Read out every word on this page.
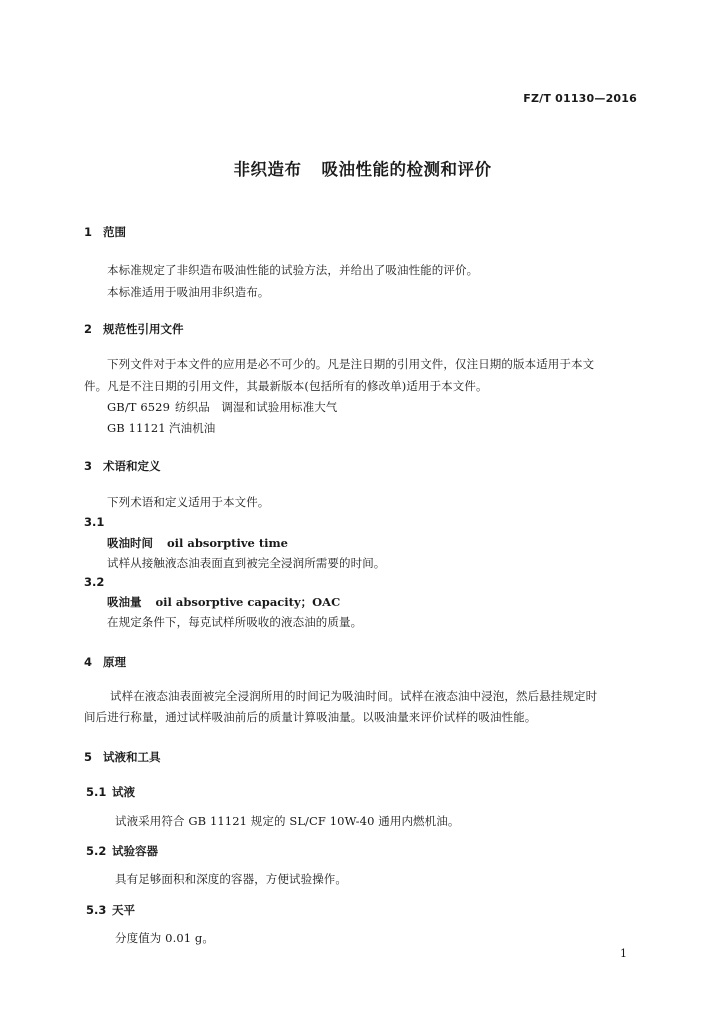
FZ/T 01130—2016
非织造布 吸油性能的检测和评价
1 范围
本标准规定了非织造布吸油性能的试验方法，并给出了吸油性能的评价。
本标准适用于吸油用非织造布。
2 规范性引用文件
下列文件对于本文件的应用是必不可少的。凡是注日期的引用文件，仅注日期的版本适用于本文
件。凡是不注日期的引用文件，其最新版本(包括所有的修改单)适用于本文件。
GB/T 6529 纺织品　调湿和试验用标准大气
GB 11121 汽油机油
3 术语和定义
下列术语和定义适用于本文件。
3.1
吸油时间 oil absorptive time
试样从接触液态油表面直到被完全浸润所需要的时间。
3.2
吸油量 oil absorptive capacity；OAC
在规定条件下，每克试样所吸收的液态油的质量。
4 原理
试样在液态油表面被完全浸润所用的时间记为吸油时间。试样在液态油中浸泡，然后悬挂规定时
间后进行称量，通过试样吸油前后的质量计算吸油量。以吸油量来评价试样的吸油性能。
5 试液和工具
5.1 试液
试液采用符合 GB 11121 规定的 SL/CF 10W-40 通用内燃机油。
5.2 试验容器
具有足够面积和深度的容器，方便试验操作。
5.3 天平
分度值为 0.01 g。
1
